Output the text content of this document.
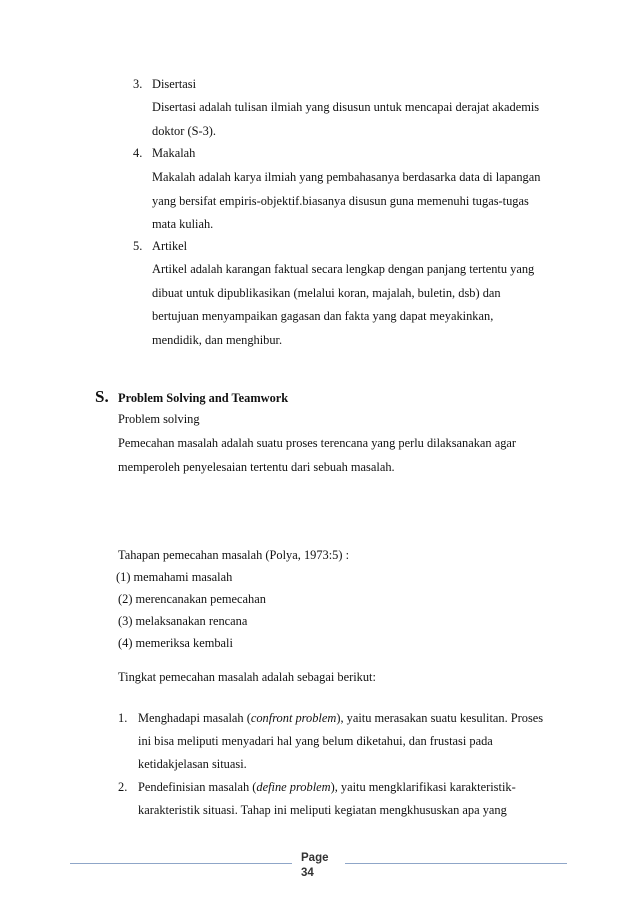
3. Disertasi
Disertasi adalah tulisan ilmiah yang disusun untuk mencapai derajat akademis
doktor (S-3).
4. Makalah
Makalah adalah karya ilmiah yang pembahasanya berdasarka data di lapangan
yang bersifat empiris-objektif.biasanya disusun guna memenuhi tugas-tugas
mata kuliah.
5. Artikel
Artikel adalah karangan faktual secara lengkap dengan panjang tertentu yang
dibuat untuk dipublikasikan (melalui koran, majalah, buletin, dsb) dan
bertujuan menyampaikan gagasan dan fakta yang dapat meyakinkan,
mendidik, dan menghibur.
S. Problem Solving and Teamwork
Problem solving
Pemecahan masalah adalah suatu proses terencana yang perlu dilaksanakan agar
memperoleh penyelesaian tertentu dari sebuah masalah.
Tahapan pemecahan masalah (Polya, 1973:5) :
(1) memahami masalah
(2) merencanakan pemecahan
(3) melaksanakan rencana
(4) memeriksa kembali
Tingkat pemecahan masalah adalah sebagai berikut:
1. Menghadapi masalah (confront problem), yaitu merasakan suatu kesulitan. Proses
ini bisa meliputi menyadari hal yang belum diketahui, dan frustasi pada
ketidakjelasan situasi.
2. Pendefinisian masalah (define problem), yaitu mengklarifikasi karakteristik-
karakteristik situasi. Tahap ini meliputi kegiatan mengkhususkan apa yang
Page
34
